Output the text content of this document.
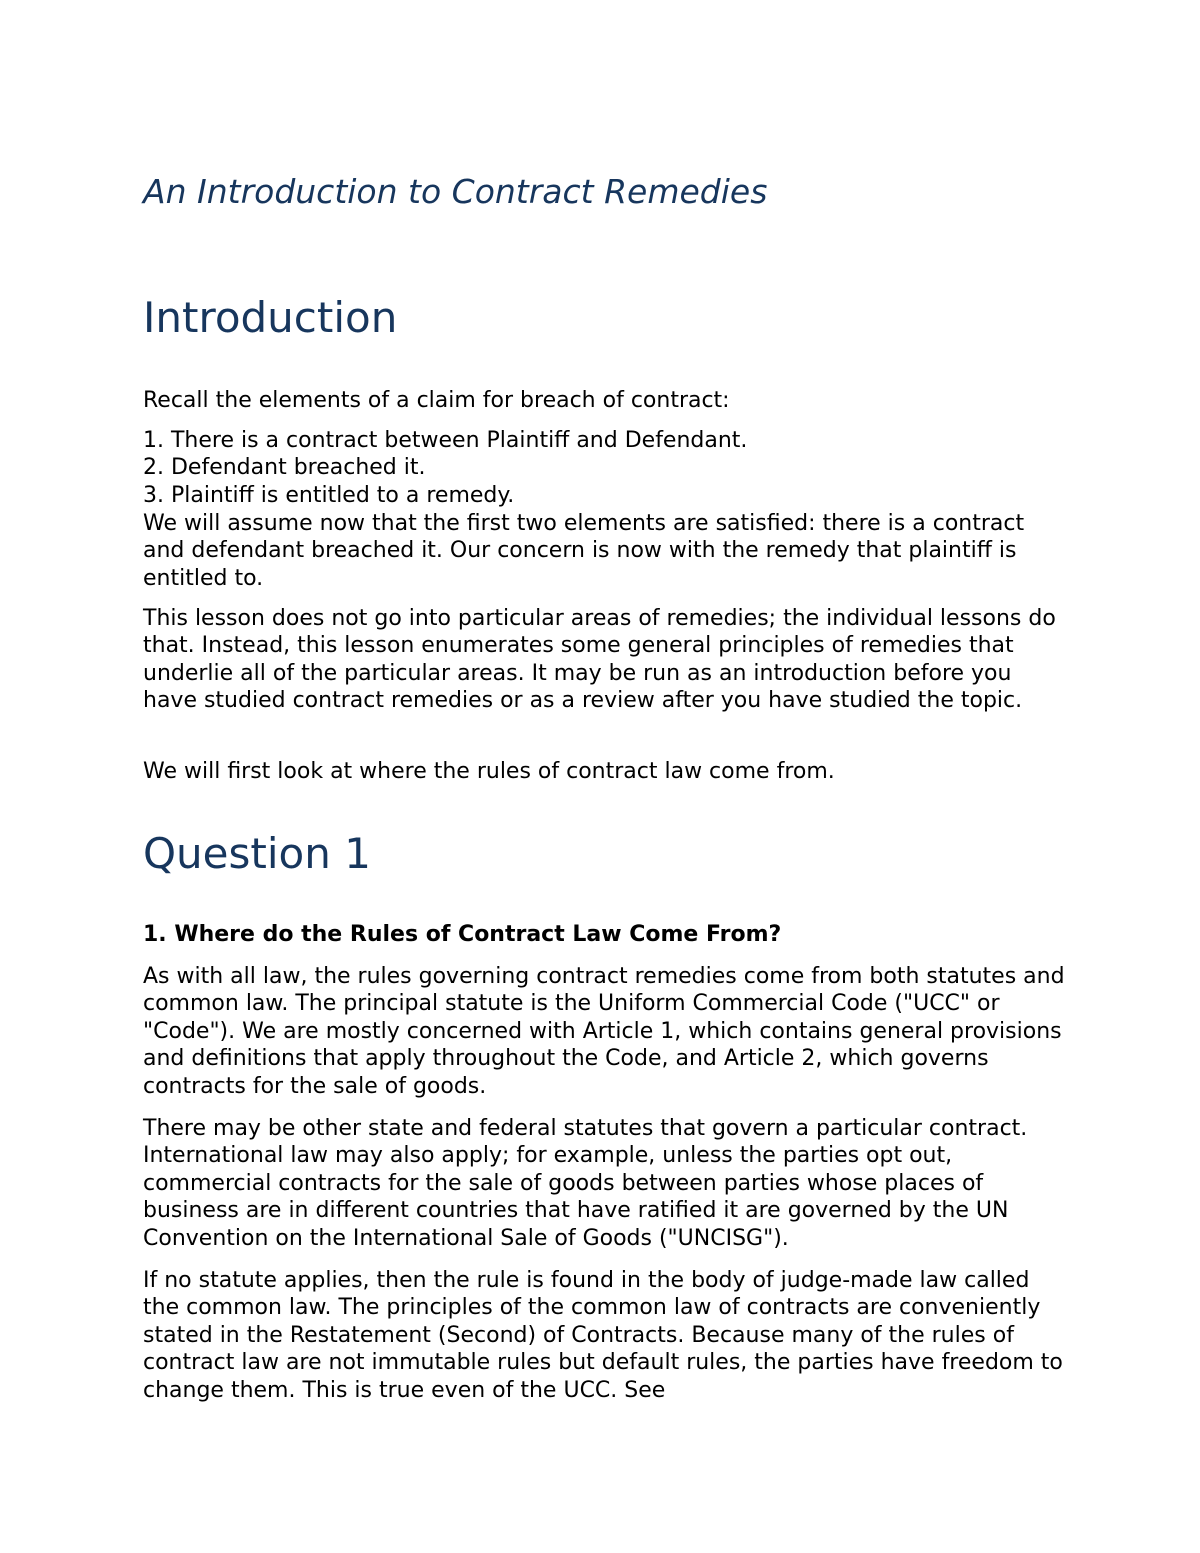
An Introduction to Contract Remedies
Introduction

Recall the elements of a claim for breach of contract:

1. There is a contract between Plaintiff and Defendant.
2. Defendant breached it.
3. Plaintiff is entitled to a remedy.

We will assume now that the first two elements are satisfied: there is a contract and defendant breached it. Our concern is now with the remedy that plaintiff is entitled to.

This lesson does not go into particular areas of remedies; the individual lessons do that. Instead, this lesson enumerates some general principles of remedies that underlie all of the particular areas. It may be run as an introduction before you have studied contract remedies or as a review after you have studied the topic.

We will first look at where the rules of contract law come from.

Question 1
1. Where do the Rules of Contract Law Come From?

As with all law, the rules governing contract remedies come from both statutes and common law. The principal statute is the Uniform Commercial Code ("UCC" or "Code"). We are mostly concerned with Article 1, which contains general provisions and definitions that apply throughout the Code, and Article 2, which governs contracts for the sale of goods.

There may be other state and federal statutes that govern a particular contract. International law may also apply; for example, unless the parties opt out, commercial contracts for the sale of goods between parties whose places of business are in different countries that have ratified it are governed by the UN Convention on the International Sale of Goods ("UNCISG").

If no statute applies, then the rule is found in the body of judge-made law called the common law. The principles of the common law of contracts are conveniently stated in the Restatement (Second) of Contracts. Because many of the rules of contract law are not immutable rules but default rules, the parties have freedom to change them. This is true even of the UCC. See
